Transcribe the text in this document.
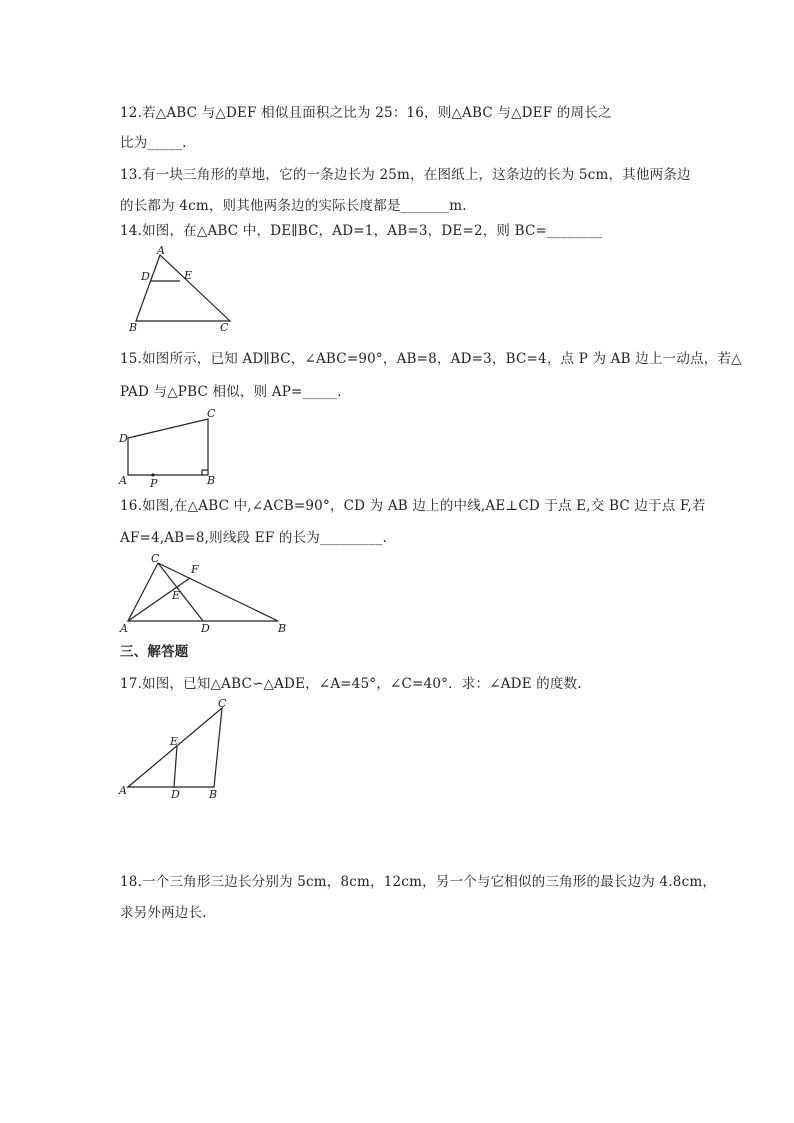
12.若△ABC 与△DEF 相似且面积之比为 25：16，则△ABC 与△DEF 的周长之
比为_____.
13.有一块三角形的草地，它的一条边长为 25m，在图纸上，这条边的长为 5cm，其他两条边
的长都为 4cm，则其他两条边的实际长度都是_______m.
14.如图，在△ABC 中，DE∥BC，AD=1，AB=3，DE=2，则 BC=________
A
D	E
B	C
15.如图所示，已知 AD∥BC，∠ABC=90°，AB=8，AD=3，BC=4，点 P 为 AB 边上一动点，若△
PAD 与△PBC 相似，则 AP=_____.
D
C
A P	B
16.如图,在△ABC 中,∠ACB=90°，CD 为 AB 边上的中线,AE⊥CD 于点 E,交 BC 边于点 F,若
AF=4,AB=8,则线段 EF 的长为_________.
C
F
E
A	D	B
三、解答题
17.如图，已知△ABC∽△ADE，∠A=45°，∠C=40°．求：∠ADE 的度数.
C
E
A	D	B
18.一个三角形三边长分别为 5cm，8cm，12cm，另一个与它相似的三角形的最长边为 4.8cm，
求另外两边长.
